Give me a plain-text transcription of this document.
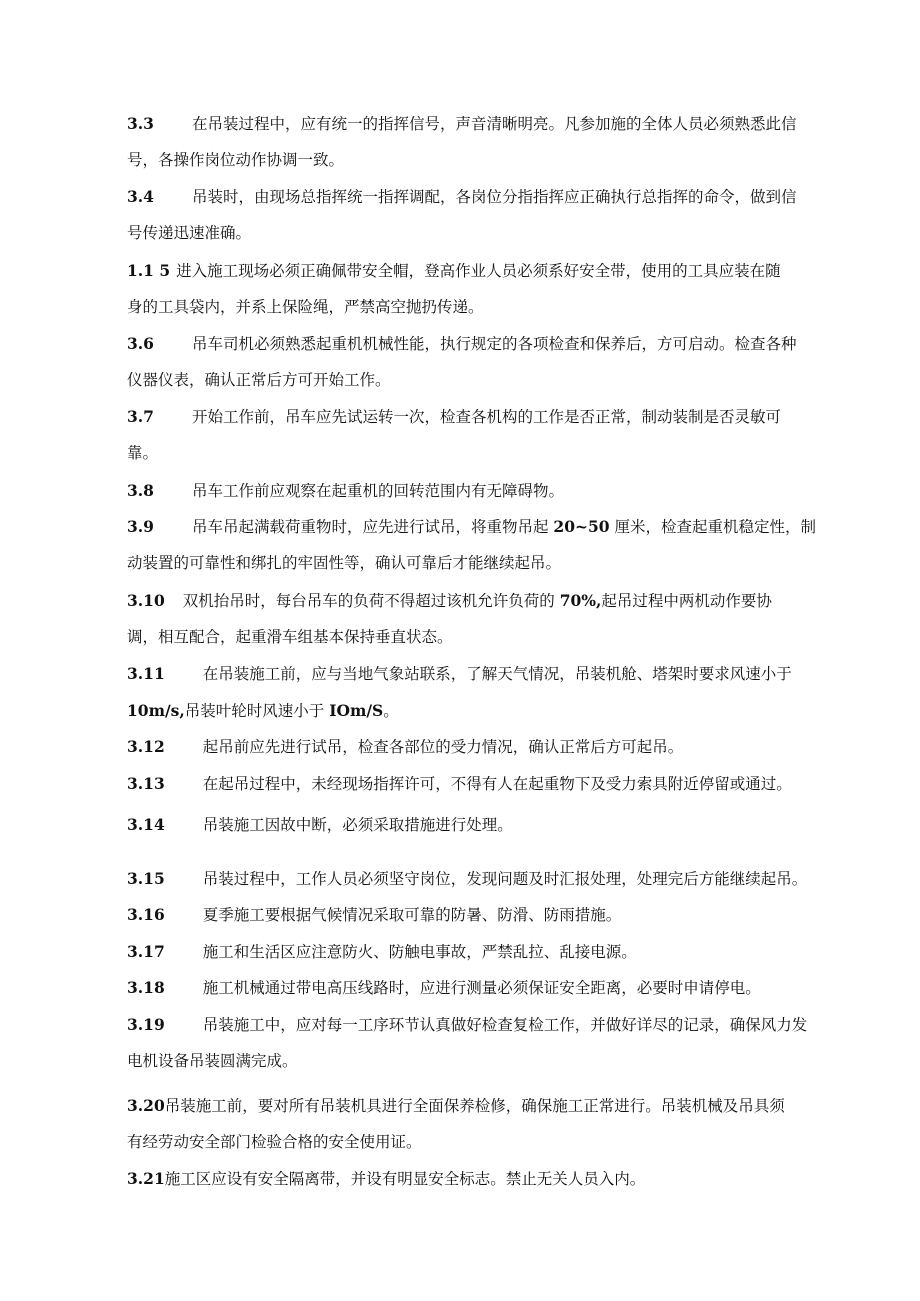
3.3 在吊装过程中，应有统一的指挥信号，声音清晰明亮。凡参加施的全体人员必须熟悉此信
号，各操作岗位动作协调一致。
3.4 吊装时，由现场总指挥统一指挥调配，各岗位分指指挥应正确执行总指挥的命令，做到信
号传递迅速准确。
1.1 5 进入施工现场必须正确佩带安全帽，登高作业人员必须系好安全带，使用的工具应装在随
身的工具袋内，并系上保险绳，严禁高空抛扔传递。
3.6 吊车司机必须熟悉起重机机械性能，执行规定的各项检查和保养后，方可启动。检查各种
仪器仪表，确认正常后方可开始工作。
3.7 开始工作前，吊车应先试运转一次，检查各机构的工作是否正常，制动装制是否灵敏可
靠。
3.8 吊车工作前应观察在起重机的回转范围内有无障碍物。
3.9 吊车吊起满载荷重物时，应先进行试吊，将重物吊起 20~50 厘米，检查起重机稳定性，制
动装置的可靠性和绑扎的牢固性等，确认可靠后才能继续起吊。
3.10 双机抬吊时，每台吊车的负荷不得超过该机允许负荷的 70%,起吊过程中两机动作要协
调，相互配合，起重滑车组基本保持垂直状态。
3.11 在吊装施工前，应与当地气象站联系，了解天气情况，吊装机舱、塔架时要求风速小于
10m∕s,吊装叶轮时风速小于 IOm/S。
3.12 起吊前应先进行试吊，检查各部位的受力情况，确认正常后方可起吊。
3.13 在起吊过程中，未经现场指挥许可，不得有人在起重物下及受力索具附近停留或通过。
3.14 吊装施工因故中断，必须采取措施进行处理。
3.15 吊装过程中，工作人员必须坚守岗位，发现问题及时汇报处理，处理完后方能继续起吊。
3.16 夏季施工要根据气候情况采取可靠的防暑、防滑、防雨措施。
3.17 施工和生活区应注意防火、防触电事故，严禁乱拉、乱接电源。
3.18 施工机械通过带电高压线路时，应进行测量必须保证安全距离，必要时申请停电。
3.19 吊装施工中，应对每一工序环节认真做好检查复检工作，并做好详尽的记录，确保风力发
电机设备吊装圆满完成。
3.20吊装施工前，要对所有吊装机具进行全面保养检修，确保施工正常进行。吊装机械及吊具须
有经劳动安全部门检验合格的安全使用证。
3.21施工区应设有安全隔离带，并设有明显安全标志。禁止无关人员入内。
